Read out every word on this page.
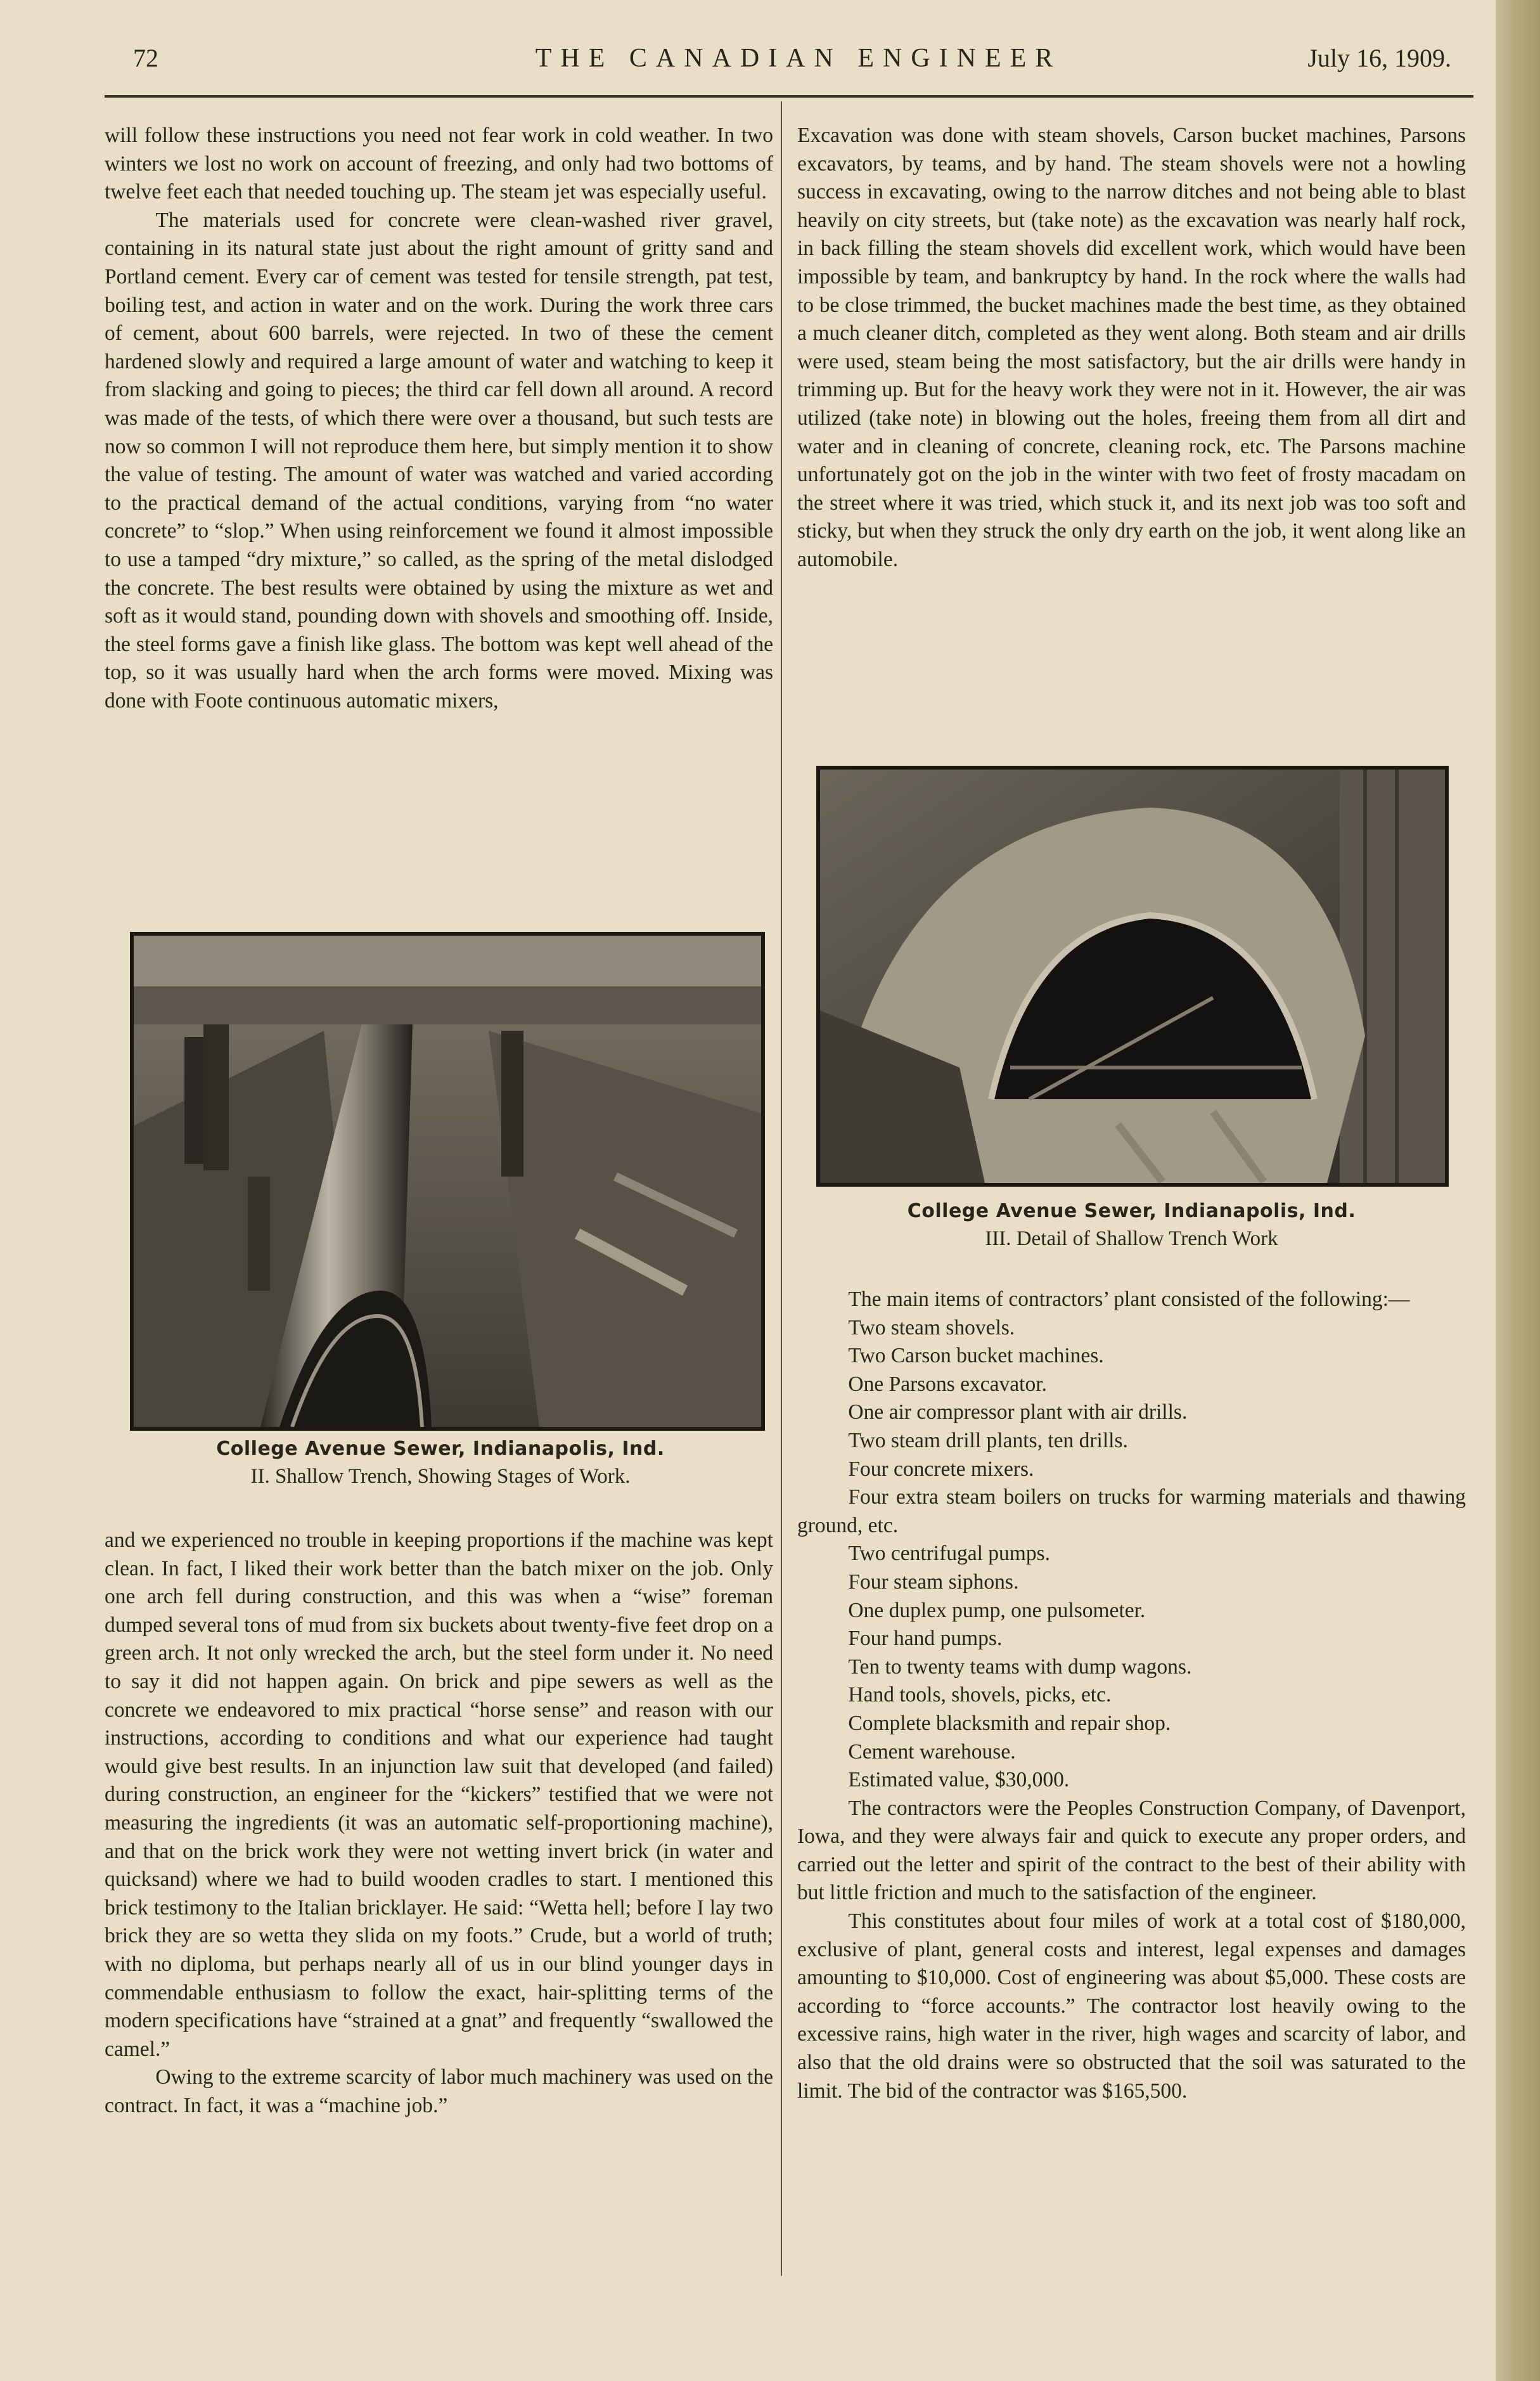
72	THE CANADIAN ENGINEER	July 16, 1909.

will follow these instructions you need not fear work in cold weather. In two winters we lost no work on account of freezing, and only had two bottoms of twelve feet each that needed touching up. The steam jet was especially useful.

The materials used for concrete were clean-washed river gravel, containing in its natural state just about the right amount of gritty sand and Portland cement. Every car of cement was tested for tensile strength, pat test, boiling test, and action in water and on the work. During the work three cars of cement, about 600 barrels, were rejected. In two of these the cement hardened slowly and required a large amount of water and watching to keep it from slacking and going to pieces; the third car fell down all around. A record was made of the tests, of which there were over a thousand, but such tests are now so common I will not reproduce them here, but simply mention it to show the value of testing. The amount of water was watched and varied according to the practical demand of the actual conditions, varying from “no water concrete” to “slop.” When using reinforcement we found it almost impossible to use a tamped “dry mixture,” so called, as the spring of the metal dislodged the concrete. The best results were obtained by using the mixture as wet and soft as it would stand, pounding down with shovels and smoothing off. Inside, the steel forms gave a finish like glass. The bottom was kept well ahead of the top, so it was usually hard when the arch forms were moved. Mixing was done with Foote continuous automatic mixers,

College Avenue Sewer, Indianapolis, Ind.
II. Shallow Trench, Showing Stages of Work.

and we experienced no trouble in keeping proportions if the machine was kept clean. In fact, I liked their work better than the batch mixer on the job. Only one arch fell during construction, and this was when a “wise” foreman dumped several tons of mud from six buckets about twenty-five feet drop on a green arch. It not only wrecked the arch, but the steel form under it. No need to say it did not happen again. On brick and pipe sewers as well as the concrete we endeavored to mix practical “horse sense” and reason with our instructions, according to conditions and what our experience had taught would give best results. In an injunction law suit that developed (and failed) during construction, an engineer for the “kickers” testified that we were not measuring the ingredients (it was an automatic self-proportioning machine), and that on the brick work they were not wetting invert brick (in water and quicksand) where we had to build wooden cradles to start. I mentioned this brick testimony to the Italian bricklayer. He said: “Wetta hell; before I lay two brick they are so wetta they slida on my foots.” Crude, but a world of truth; with no diploma, but perhaps nearly all of us in our blind younger days in commendable enthusiasm to follow the exact, hair-splitting terms of the modern specifications have “strained at a gnat” and frequently “swallowed the camel.”

Owing to the extreme scarcity of labor much machinery was used on the contract. In fact, it was a “machine job.”

Excavation was done with steam shovels, Carson bucket machines, Parsons excavators, by teams, and by hand. The steam shovels were not a howling success in excavating, owing to the narrow ditches and not being able to blast heavily on city streets, but (take note) as the excavation was nearly half rock, in back filling the steam shovels did excellent work, which would have been impossible by team, and bankruptcy by hand. In the rock where the walls had to be close trimmed, the bucket machines made the best time, as they obtained a much cleaner ditch, completed as they went along. Both steam and air drills were used, steam being the most satisfactory, but the air drills were handy in trimming up. But for the heavy work they were not in it. However, the air was utilized (take note) in blowing out the holes, freeing them from all dirt and water and in cleaning of concrete, cleaning rock, etc. The Parsons machine unfortunately got on the job in the winter with two feet of frosty macadam on the street where it was tried, which stuck it, and its next job was too soft and sticky, but when they struck the only dry earth on the job, it went along like an automobile.

College Avenue Sewer, Indianapolis, Ind.
III. Detail of Shallow Trench Work

The main items of contractors’ plant consisted of the following:—

Two steam shovels.
Two Carson bucket machines.
One Parsons excavator.
One air compressor plant with air drills.
Two steam drill plants, ten drills.
Four concrete mixers.
Four extra steam boilers on trucks for warming materials and thawing ground, etc.
Two centrifugal pumps.
Four steam siphons.
One duplex pump, one pulsometer.
Four hand pumps.
Ten to twenty teams with dump wagons.
Hand tools, shovels, picks, etc.
Complete blacksmith and repair shop.
Cement warehouse.
Estimated value, $30,000.

The contractors were the Peoples Construction Company, of Davenport, Iowa, and they were always fair and quick to execute any proper orders, and carried out the letter and spirit of the contract to the best of their ability with but little friction and much to the satisfaction of the engineer.

This constitutes about four miles of work at a total cost of $180,000, exclusive of plant, general costs and interest, legal expenses and damages amounting to $10,000. Cost of engineering was about $5,000. These costs are according to “force accounts.” The contractor lost heavily owing to the excessive rains, high water in the river, high wages and scarcity of labor, and also that the old drains were so obstructed that the soil was saturated to the limit. The bid of the contractor was $165,500.
